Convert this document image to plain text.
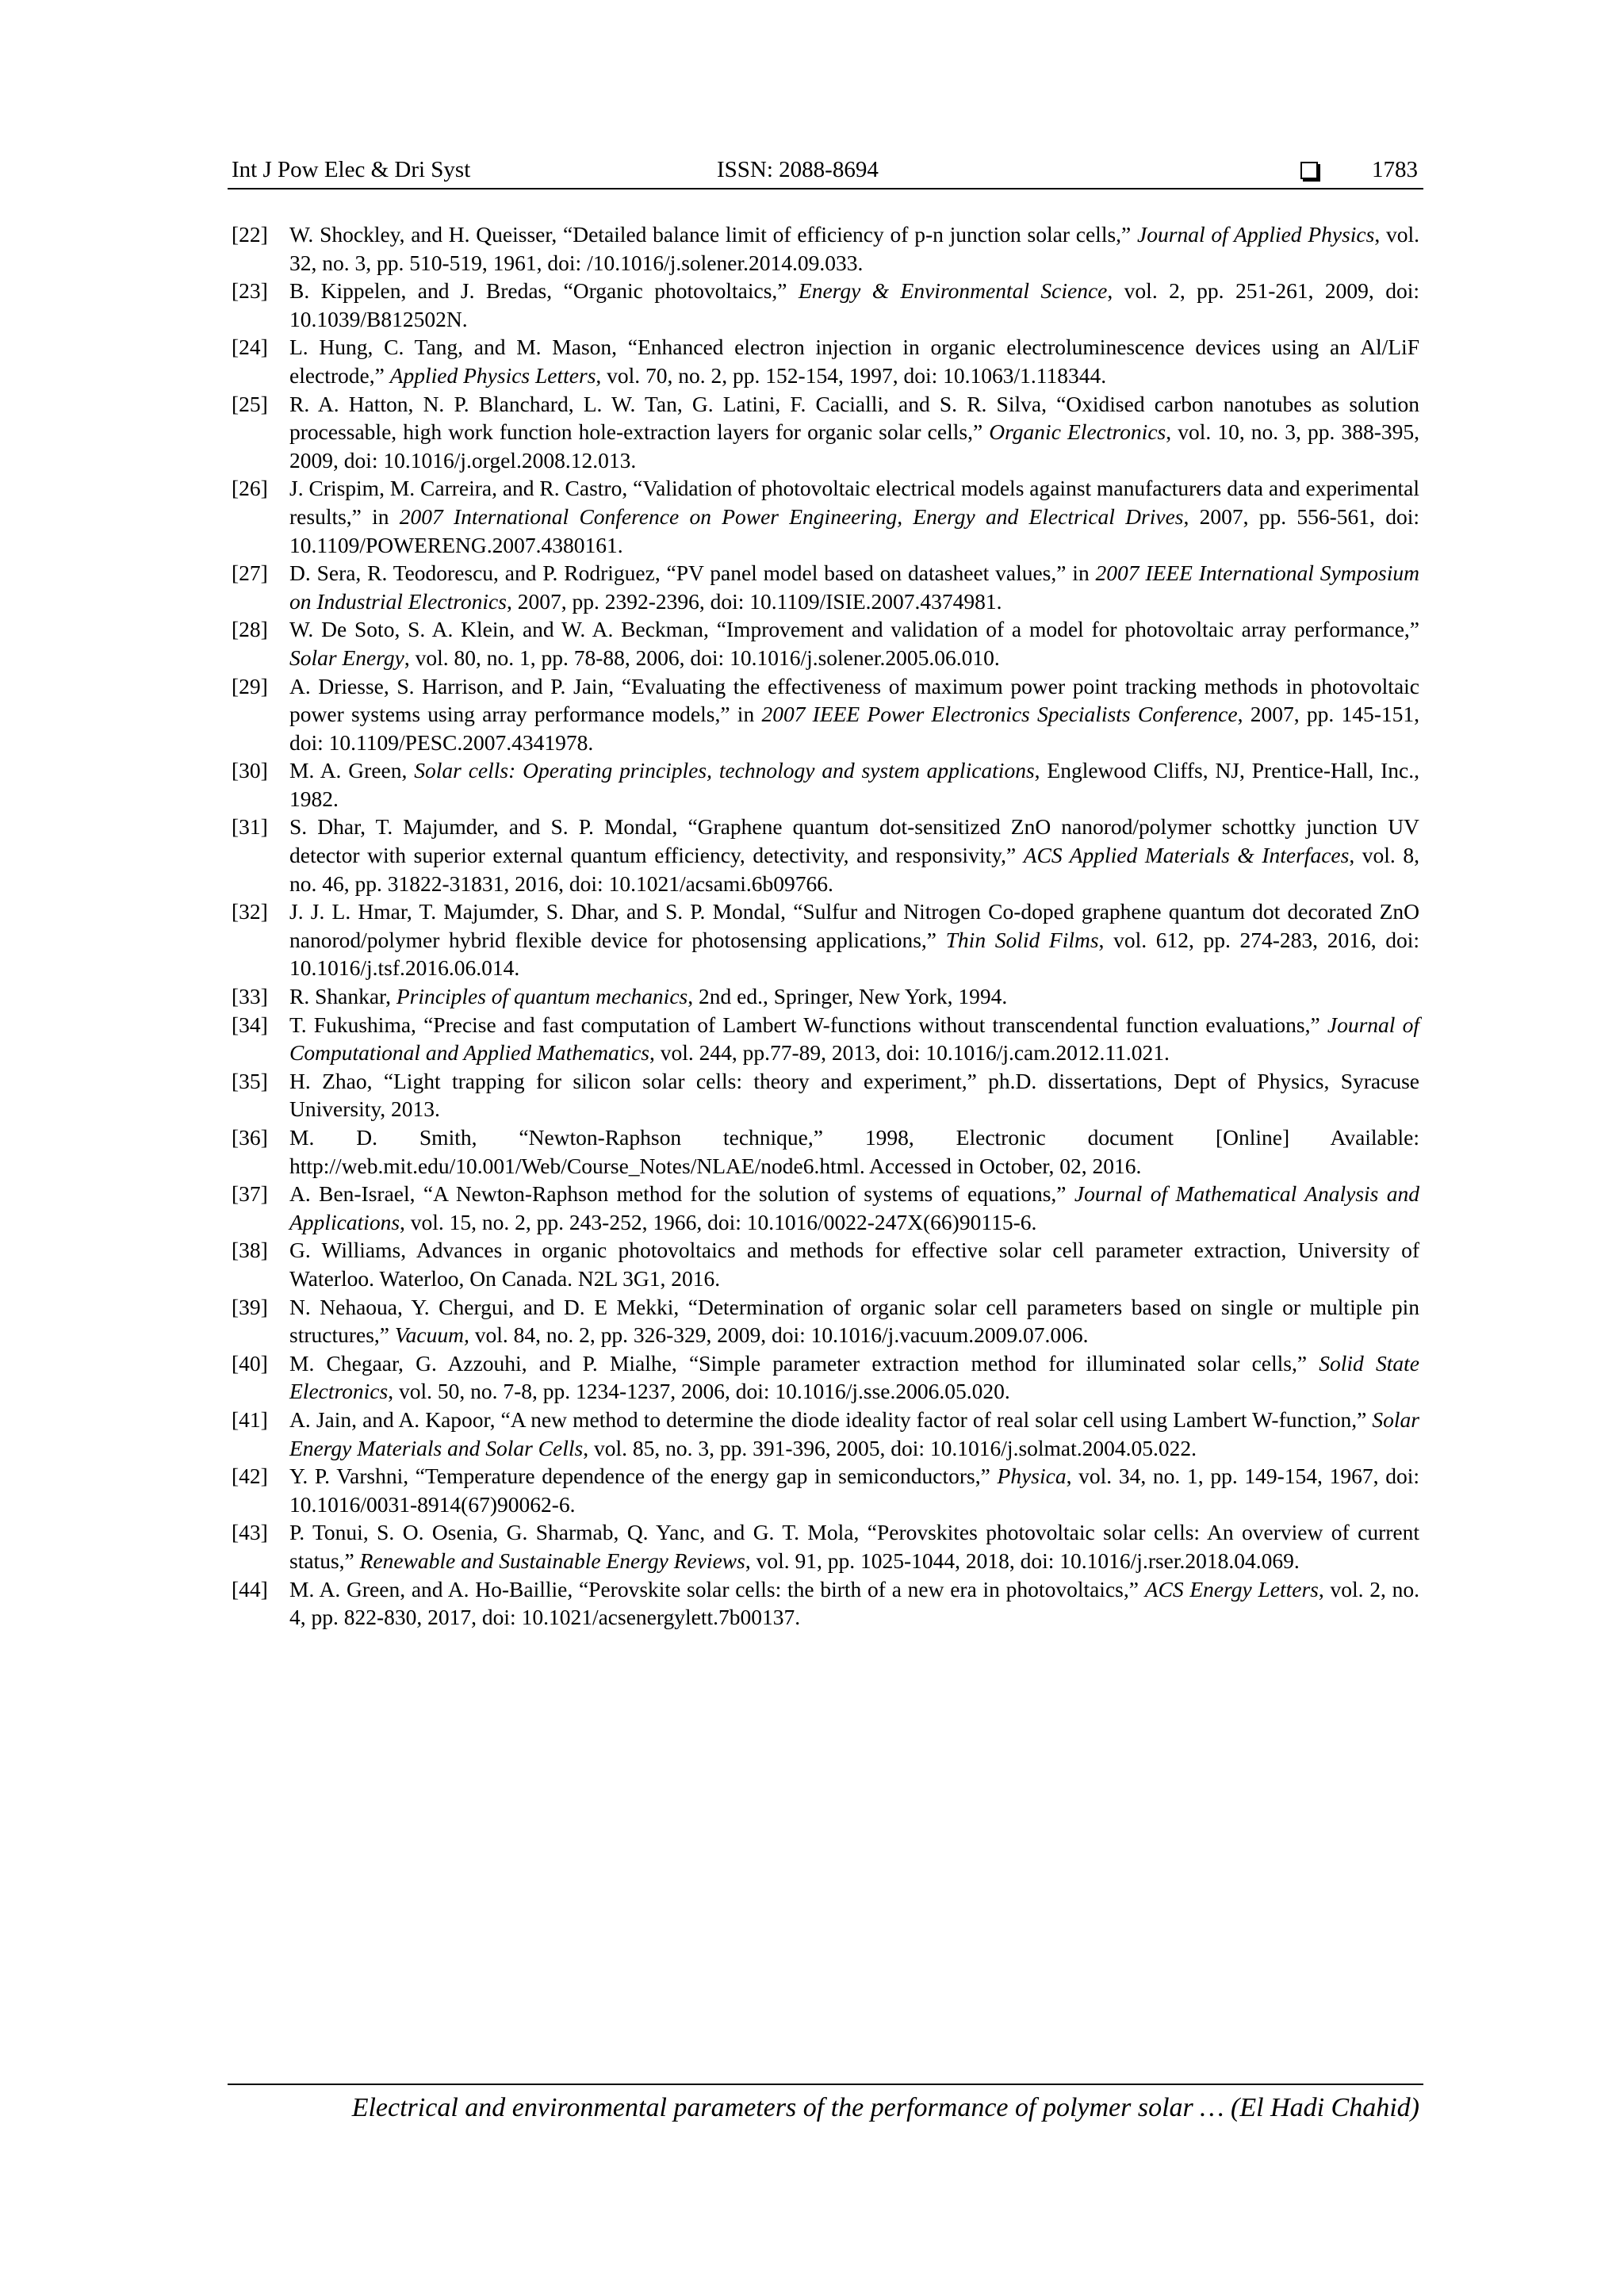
Int J Pow Elec & Dri Syst	ISSN: 2088-8694	1783
[22] W. Shockley, and H. Queisser, “Detailed balance limit of efficiency of p-n junction solar cells,” Journal of Applied Physics, vol. 32, no. 3, pp. 510-519, 1961, doi: /10.1016/j.solener.2014.09.033.
[23] B. Kippelen, and J. Bredas, “Organic photovoltaics,” Energy & Environmental Science, vol. 2, pp. 251-261, 2009, doi: 10.1039/B812502N.
[24] L. Hung, C. Tang, and M. Mason, “Enhanced electron injection in organic electroluminescence devices using an Al/LiF electrode,” Applied Physics Letters, vol. 70, no. 2, pp. 152-154, 1997, doi: 10.1063/1.118344.
[25] R. A. Hatton, N. P. Blanchard, L. W. Tan, G. Latini, F. Cacialli, and S. R. Silva, “Oxidised carbon nanotubes as solution processable, high work function hole-extraction layers for organic solar cells,” Organic Electronics, vol. 10, no. 3, pp. 388-395, 2009, doi: 10.1016/j.orgel.2008.12.013.
[26] J. Crispim, M. Carreira, and R. Castro, “Validation of photovoltaic electrical models against manufacturers data and experimental results,” in 2007 International Conference on Power Engineering, Energy and Electrical Drives, 2007, pp. 556-561, doi: 10.1109/POWERENG.2007.4380161.
[27] D. Sera, R. Teodorescu, and P. Rodriguez, “PV panel model based on datasheet values,” in 2007 IEEE International Symposium on Industrial Electronics, 2007, pp. 2392-2396, doi: 10.1109/ISIE.2007.4374981.
[28] W. De Soto, S. A. Klein, and W. A. Beckman, “Improvement and validation of a model for photovoltaic array performance,” Solar Energy, vol. 80, no. 1, pp. 78-88, 2006, doi: 10.1016/j.solener.2005.06.010.
[29] A. Driesse, S. Harrison, and P. Jain, “Evaluating the effectiveness of maximum power point tracking methods in photovoltaic power systems using array performance models,” in 2007 IEEE Power Electronics Specialists Conference, 2007, pp. 145-151, doi: 10.1109/PESC.2007.4341978.
[30] M. A. Green, Solar cells: Operating principles, technology and system applications, Englewood Cliffs, NJ, Prentice-Hall, Inc., 1982.
[31] S. Dhar, T. Majumder, and S. P. Mondal, “Graphene quantum dot-sensitized ZnO nanorod/polymer schottky junction UV detector with superior external quantum efficiency, detectivity, and responsivity,” ACS Applied Materials & Interfaces, vol. 8, no. 46, pp. 31822-31831, 2016, doi: 10.1021/acsami.6b09766.
[32] J. J. L. Hmar, T. Majumder, S. Dhar, and S. P. Mondal, “Sulfur and Nitrogen Co-doped graphene quantum dot decorated ZnO nanorod/polymer hybrid flexible device for photosensing applications,” Thin Solid Films, vol. 612, pp. 274-283, 2016, doi: 10.1016/j.tsf.2016.06.014.
[33] R. Shankar, Principles of quantum mechanics, 2nd ed., Springer, New York, 1994.
[34] T. Fukushima, “Precise and fast computation of Lambert W-functions without transcendental function evaluations,” Journal of Computational and Applied Mathematics, vol. 244, pp.77-89, 2013, doi: 10.1016/j.cam.2012.11.021.
[35] H. Zhao, “Light trapping for silicon solar cells: theory and experiment,” ph.D. dissertations, Dept of Physics, Syracuse University, 2013.
[36] M. D. Smith, “Newton-Raphson technique,” 1998, Electronic document [Online] Available: http://web.mit.edu/10.001/Web/Course_Notes/NLAE/node6.html. Accessed in October, 02, 2016.
[37] A. Ben-Israel, “A Newton-Raphson method for the solution of systems of equations,” Journal of Mathematical Analysis and Applications, vol. 15, no. 2, pp. 243-252, 1966, doi: 10.1016/0022-247X(66)90115-6.
[38] G. Williams, Advances in organic photovoltaics and methods for effective solar cell parameter extraction, University of Waterloo. Waterloo, On Canada. N2L 3G1, 2016.
[39] N. Nehaoua, Y. Chergui, and D. E Mekki, “Determination of organic solar cell parameters based on single or multiple pin structures,” Vacuum, vol. 84, no. 2, pp. 326-329, 2009, doi: 10.1016/j.vacuum.2009.07.006.
[40] M. Chegaar, G. Azzouhi, and P. Mialhe, “Simple parameter extraction method for illuminated solar cells,” Solid State Electronics, vol. 50, no. 7-8, pp. 1234-1237, 2006, doi: 10.1016/j.sse.2006.05.020.
[41] A. Jain, and A. Kapoor, “A new method to determine the diode ideality factor of real solar cell using Lambert W-function,” Solar Energy Materials and Solar Cells, vol. 85, no. 3, pp. 391-396, 2005, doi: 10.1016/j.solmat.2004.05.022.
[42] Y. P. Varshni, “Temperature dependence of the energy gap in semiconductors,” Physica, vol. 34, no. 1, pp. 149-154, 1967, doi: 10.1016/0031-8914(67)90062-6.
[43] P. Tonui, S. O. Osenia, G. Sharmab, Q. Yanc, and G. T. Mola, “Perovskites photovoltaic solar cells: An overview of current status,” Renewable and Sustainable Energy Reviews, vol. 91, pp. 1025-1044, 2018, doi: 10.1016/j.rser.2018.04.069.
[44] M. A. Green, and A. Ho-Baillie, “Perovskite solar cells: the birth of a new era in photovoltaics,” ACS Energy Letters, vol. 2, no. 4, pp. 822-830, 2017, doi: 10.1021/acsenergylett.7b00137.
Electrical and environmental parameters of the performance of polymer solar … (El Hadi Chahid)
